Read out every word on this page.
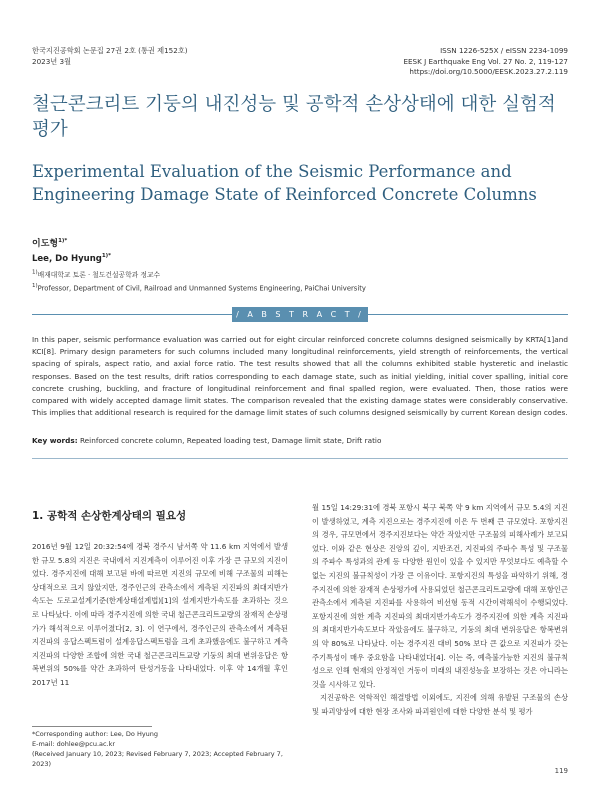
한국지진공학회 논문집 27권 2호 (통권 제152호)
2023년 3월
ISSN 1226-525X / eISSN 2234-1099
EESK J Earthquake Eng Vol. 27 No. 2, 119-127
https://doi.org/10.5000/EESK.2023.27.2.119
철근콘크리트 기둥의 내진성능 및 공학적 손상상태에 대한 실험적 평가
Experimental Evaluation of the Seismic Performance and Engineering Damage State of Reinforced Concrete Columns
이도형$^{1)*}$
Lee, Do Hyung$^{1)*}$
$^{1)}$배재대학교 토론 · 철도건설공학과 정교수
$^{1)}$Professor, Department of Civil, Railroad and Unmanned Systems Engineering, PaiChai University
/ A B S T R A C T /

In this paper, seismic performance evaluation was carried out for eight circular reinforced concrete columns designed seismically by KRTA[1]and KCI[8]. Primary design parameters for such columns included many longitudinal reinforcements, yield strength of reinforcements, the vertical spacing of spirals, aspect ratio, and axial force ratio. The test results showed that all the columns exhibited stable hysteretic and inelastic responses. Based on the test results, drift ratios corresponding to each damage state, such as initial yielding, initial cover spalling, initial core concrete crushing, buckling, and fracture of longitudinal reinforcement and final spalled region, were evaluated. Then, those ratios were compared with widely accepted damage limit states. The comparison revealed that the existing damage states were considerably conservative. This implies that additional research is required for the damage limit states of such columns designed seismically by current Korean design codes.

Key words: Reinforced concrete column, Repeated loading test, Damage limit state, Drift ratio
1. 공학적 손상한계상태의 필요성

2016년 9월 12일 20:32:54에 경북 경주시 남서쪽 약 11.6 km 지역에서 발생한 규모 5.8의 지진은 국내에서 지진계측이 이루어진 이후 가장 큰 규모의 지진이었다. 경주지진에 대해 보고된 바에 따르면 지진의 규모에 비해 구조물의 피해는 상대적으로 크지 않았지만, 경주인근의 관측소에서 계측된 지진파의 최대지반가속도는 도로교설계기준(한계상태설계법)[1]의 설계지반가속도를 초과하는 것으로 나타났다. 이에 따라 경주지진에 의한 국내 철근콘크리트교량의 잠재적 손상평가가 해석적으로 이루어졌다[2, 3]. 이 연구에서, 경주인근의 관측소에서 계측된 지진파의 응답스펙트럼이 설계응답스펙트럼을 크게 초과했음에도 불구하고 계측지진파의 다양한 조합에 의한 국내 철근콘크리트교량 기둥의 최대 변위응답은 항복변위의 50%를 약간 초과하여 탄성거동을 나타내었다. 이후 약 14개월 후인 2017년 11

월 15일 14:29:31에 경북 포항시 북구 북쪽 약 9 km 지역에서 규모 5.4의 지진이 발생하였고, 계측 지진으로는 경주지진에 이은 두 번째 큰 규모였다. 포항지진의 경우, 규모면에서 경주지진보다는 약간 작았지만 구조물의 피해사례가 보고되었다. 이와 같은 현상은 진앙의 깊이, 지반조건, 지진파의 주파수 특성 및 구조물의 주파수 특성과의 관계 등 다양한 원인이 있을 수 있지만 무엇보다도 예측할 수 없는 지진의 불규칙성이 가장 큰 이유이다. 포항지진의 특성을 파악하기 위해, 경주지진에 의한 잠재적 손상평가에 사용되었던 철근콘크리트교량에 대해 포항인근 관측소에서 계측된 지진파를 사용하여 비선형 동적 시간이력해석이 수행되었다. 포항지진에 의한 계측 지진파의 최대지반가속도가 경주지진에 의한 계측 지진파의 최대지반가속도보다 작았음에도 불구하고, 기둥의 최대 변위응답은 항복변위의 약 80%로 나타났다. 이는 경주지진 대비 50% 보다 큰 값으로 지진파가 갖는 주기특성이 매우 중요함을 나타내었다[4]. 이는 즉, 예측불가능한 지진의 불규칙성으로 인해 현재의 안정적인 거동이 미래의 내진성능을 보장하는 것은 아니라는 것을 시사하고 있다.

지진공학은 역학적인 해결방법 이외에도, 지진에 의해 유발된 구조물의 손상 및 파괴양상에 대한 현장 조사와 파괴원인에 대한 다양한 분석 및 평가

*Corresponding author: Lee, Do Hyung
E-mail: dohlee@pcu.ac.kr
(Received January 10, 2023; Revised February 7, 2023; Accepted February 7, 2023)
119
